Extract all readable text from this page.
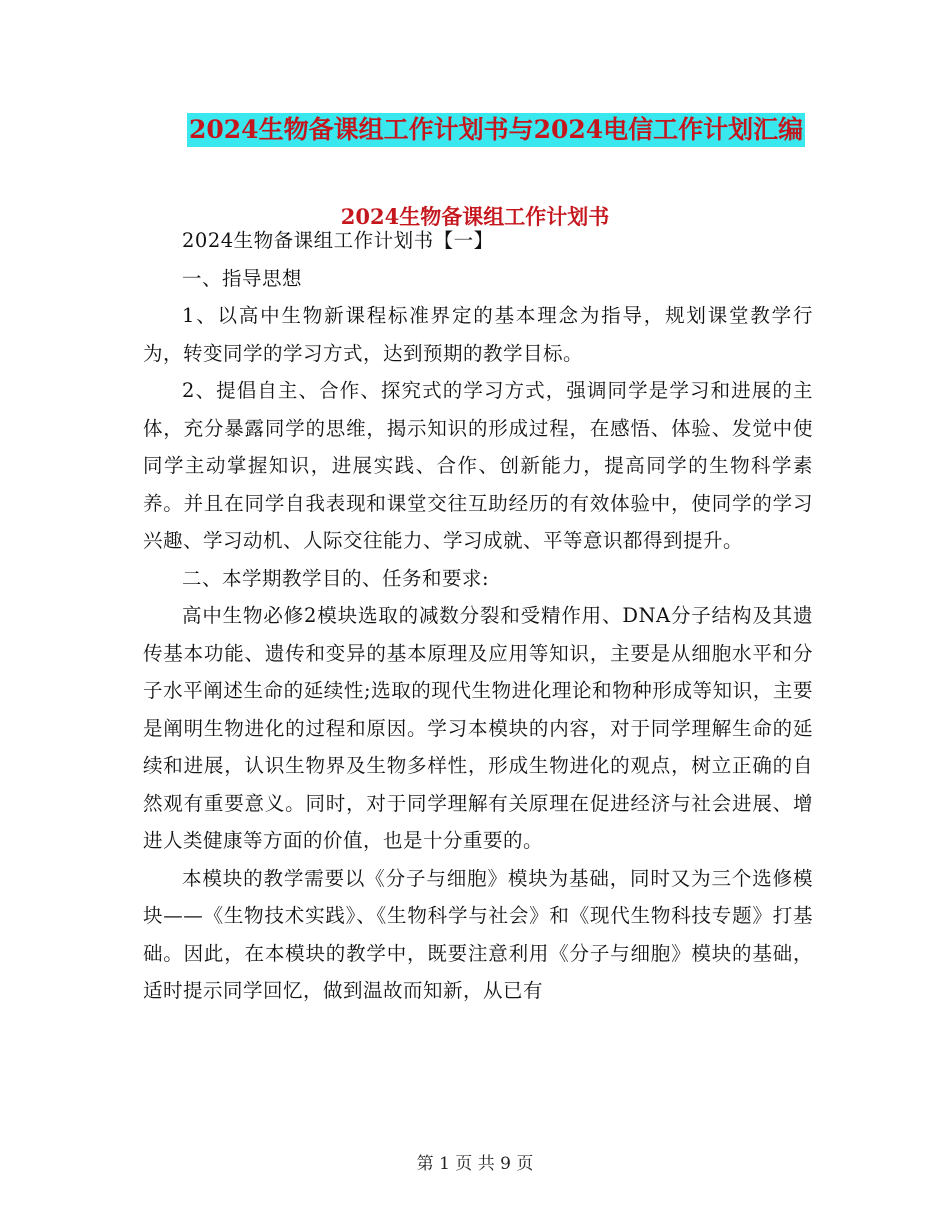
2024生物备课组工作计划书与2024电信工作计划汇编
2024生物备课组工作计划书

2024生物备课组工作计划书【一】

一、指导思想

1、以高中生物新课程标准界定的基本理念为指导，规划课堂教学行为，转变同学的学习方式，达到预期的教学目标。

2、提倡自主、合作、探究式的学习方式，强调同学是学习和进展的主体，充分暴露同学的思维，揭示知识的形成过程，在感悟、体验、发觉中使同学主动掌握知识，进展实践、合作、创新能力，提高同学的生物科学素养。并且在同学自我表现和课堂交往互助经历的有效体验中，使同学的学习兴趣、学习动机、人际交往能力、学习成就、平等意识都得到提升。

二、本学期教学目的、任务和要求:

高中生物必修2模块选取的减数分裂和受精作用、DNA分子结构及其遗传基本功能、遗传和变异的基本原理及应用等知识，主要是从细胞水平和分子水平阐述生命的延续性;选取的现代生物进化理论和物种形成等知识，主要是阐明生物进化的过程和原因。学习本模块的内容，对于同学理解生命的延续和进展，认识生物界及生物多样性，形成生物进化的观点，树立正确的自然观有重要意义。同时，对于同学理解有关原理在促进经济与社会进展、增进人类健康等方面的价值，也是十分重要的。

本模块的教学需要以《分子与细胞》模块为基础，同时又为三个选修模块——《生物技术实践》、《生物科学与社会》和《现代生物科技专题》打基础。因此，在本模块的教学中，既要注意利用《分子与细胞》模块的基础，适时提示同学回忆，做到温故而知新，从已有

第 1 页 共 9 页
